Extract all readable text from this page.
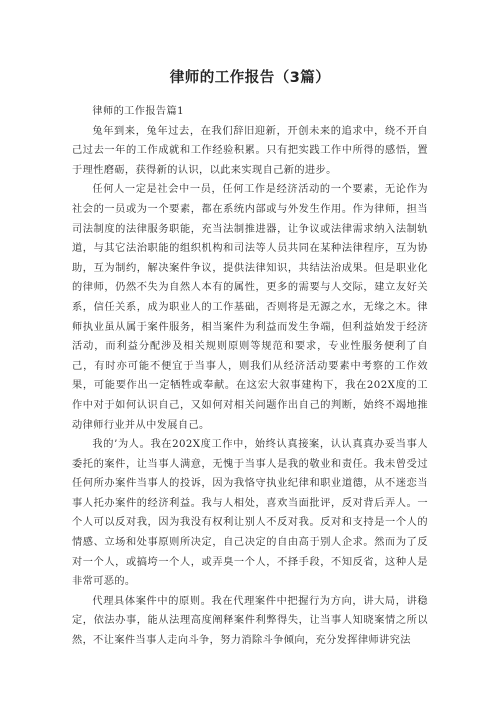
律师的工作报告（3篇）

律师的工作报告篇1

兔年到来，兔年过去，在我们辞旧迎新，开创未来的追求中，绕不开自己过去一年的工作成就和工作经验积累。只有把实践工作中所得的感悟，置于理性磨砺，获得新的认识，以此来实现自己新的进步。

任何人一定是社会中一员，任何工作是经济活动的一个要素，无论作为社会的一员或为一个要素，都在系统内部或与外发生作用。作为律师，担当司法制度的法律服务职能，充当法制推进器，让争议或法律需求纳入法制轨道，与其它法治职能的组织机构和司法等人员共同在某种法律程序，互为协助，互为制约，解决案件争议，提供法律知识，共结法治成果。但是职业化的律师，仍然不失为自然人本有的属性，更多的需要与人交际，建立友好关系，信任关系，成为职业人的工作基础，否则将是无源之水，无缘之木。律师执业虽从属于案件服务，相当案件为利益而发生争端，但利益始发于经济活动，而利益分配涉及相关规则原则等规范和要求，专业性服务便利了自己，有时亦可能不便宜于当事人，则我们从经济活动要素中考察的工作效果，可能要作出一定牺牲或奉献。在这宏大叙事建构下，我在202X度的工作中对于如何认识自己，又如何对相关问题作出自己的判断，始终不竭地推动律师行业并从中发展自己。

我的’为人。我在202X度工作中，始终认真接案，认认真真办妥当事人委托的案件，让当事人满意，无愧于当事人是我的敬业和责任。我未曾受过任何所办案件当事人的投诉，因为我恪守执业纪律和职业道德，从不迷恋当事人托办案件的经济利益。我与人相处，喜欢当面批评，反对背后弄人。一个人可以反对我，因为我没有权利让别人不反对我。反对和支持是一个人的情感、立场和处事原则所决定，自己决定的自由高于别人企求。然而为了反对一个人，或搞垮一个人，或弄臭一个人，不择手段，不知反省，这种人是非常可恶的。

代理具体案件中的原则。我在代理案件中把握行为方向，讲大局，讲稳定，依法办事，能从法理高度阐释案件利弊得失，让当事人知晓案情之所以然，不让案件当事人走向斗争，努力消除斗争倾向，充分发挥律师讲究法
